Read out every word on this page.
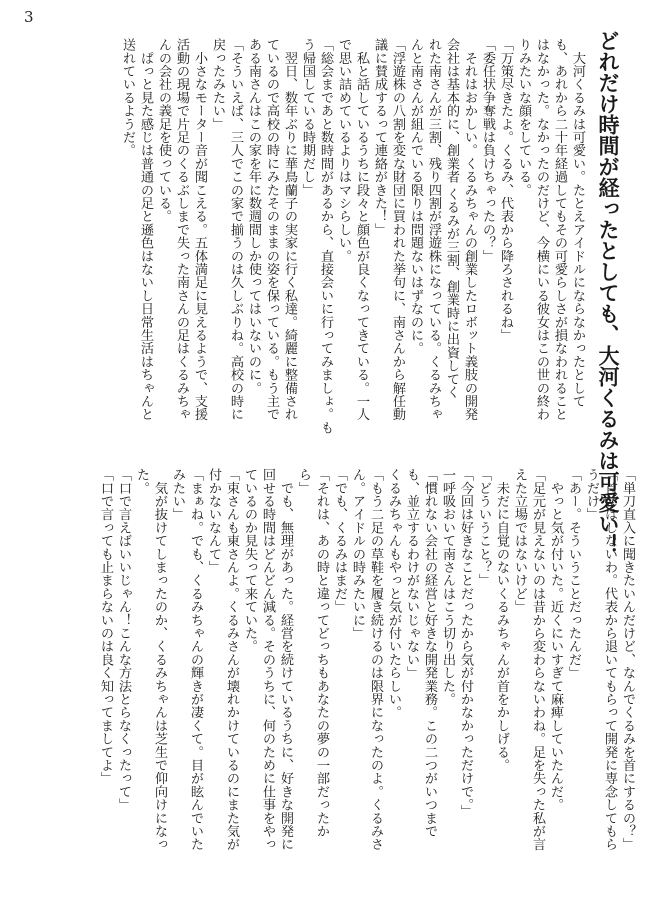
3
どれだけ時間が経ったとしても、大河くるみは可愛い！
　大河くるみは可愛い。たとえアイドルにならなかったとして
も、あれから二十年経過してもその可愛らしさが損なわれること
はなかった。なかったのだけど、今横にいる彼女はこの世の終わ
りみたいな顔をしている。
「万策尽きたよ。くるみ、代表から降ろされるね」
「委任状争奪戦は負けちゃったの？」
　それはおかしい。くるみちゃんの創業したロボット義肢の開発
会社は基本的に、創業者 くるみが三割、創業時に出資してく
れた南さんが三割、残り四割が浮遊株になっている。くるみちゃ
んと南さんが組んでいる限りは問題ないはずなのに。
「浮遊株の八割を変な財団に買われた挙句に、南さんから解任動
議に賛成するって連絡がきた！」
　私と話しているうちに段々と顔色が良くなってきている。一人
で思い詰めているよりはマシらしい。
「総会まであと数時間があるから、直接会いに行ってみましょ。も
う帰国している時期だし」
　翌日、数年ぶりに華鳥蘭子の実家に行く私達。綺麗に整備され
ているので高校の時にみたそのままの姿を保っている。もう主で
ある南さんはこの家を年に数週間しか使ってはいないのに。
「そういえば、三人でこの家で揃うのは久しぶりね。高校の時に
戻ったみたい」
　小さなモーター音が聞こえる。五体満足に見えるようで、支援
活動の現場で片足のくるぶしまで失った南さんの足はくるみちゃ
んの会社の義足を使っている。
　ぱっと見た感じは普通の足と遜色はないし日常生活はちゃんと
送れているようだ。
「単刀直入に聞きたいんだけど、なんでくるみを首にするの？」
「首にはしないわ。代表から退いてもらって開発に専念してもら
うだけ」
「あー。そういうことだったんだ」
　やっと気が付いた。近くにいすぎて麻痺していたんだ。
「足元が見えないのは昔から変わらないわね。足を失った私が言
えた立場ではないけど」
　未だに自覚のないくるみちゃんが首をかしげる。
「どういうこと？」
「今回は好きなことだったから気が付かなかっただけで。」
一呼吸おいて南さんはこう切り出した。
「慣れない会社の経営と好きな開発業務。この二つがいつまで
も、並立するわけがないじゃない」
くるみちゃんもやっと気が付いたらしい。
「もう二足の草鞋を履き続けるのは限界になったのよ。くるみさ
ん。アイドルの時みたいに」
「でも、くるみはまだ」
「それは、あの時と違ってどっちもあなたの夢の一部だったか
ら」
　でも、無理があった。経営を続けているうちに、好きな開発に
回せる時間はどんどん減る。そのうちに、何のために仕事をやっ
ているのか見失って来ていた。
「束さんも東さんよ。くるみさんが壊れかけているのにまた気が
付かないなんて」
「まぁね。でも、くるみちゃんの輝きが凄くて。目が眩んでいた
みたい」
　気が抜けてしまったのか、くるみちゃんは芝生で仰向けになっ
た。
「口で言えばいいじゃん！こんな方法とらなくったって」
「口で言っても止まらないのは良く知ってましてよ」
